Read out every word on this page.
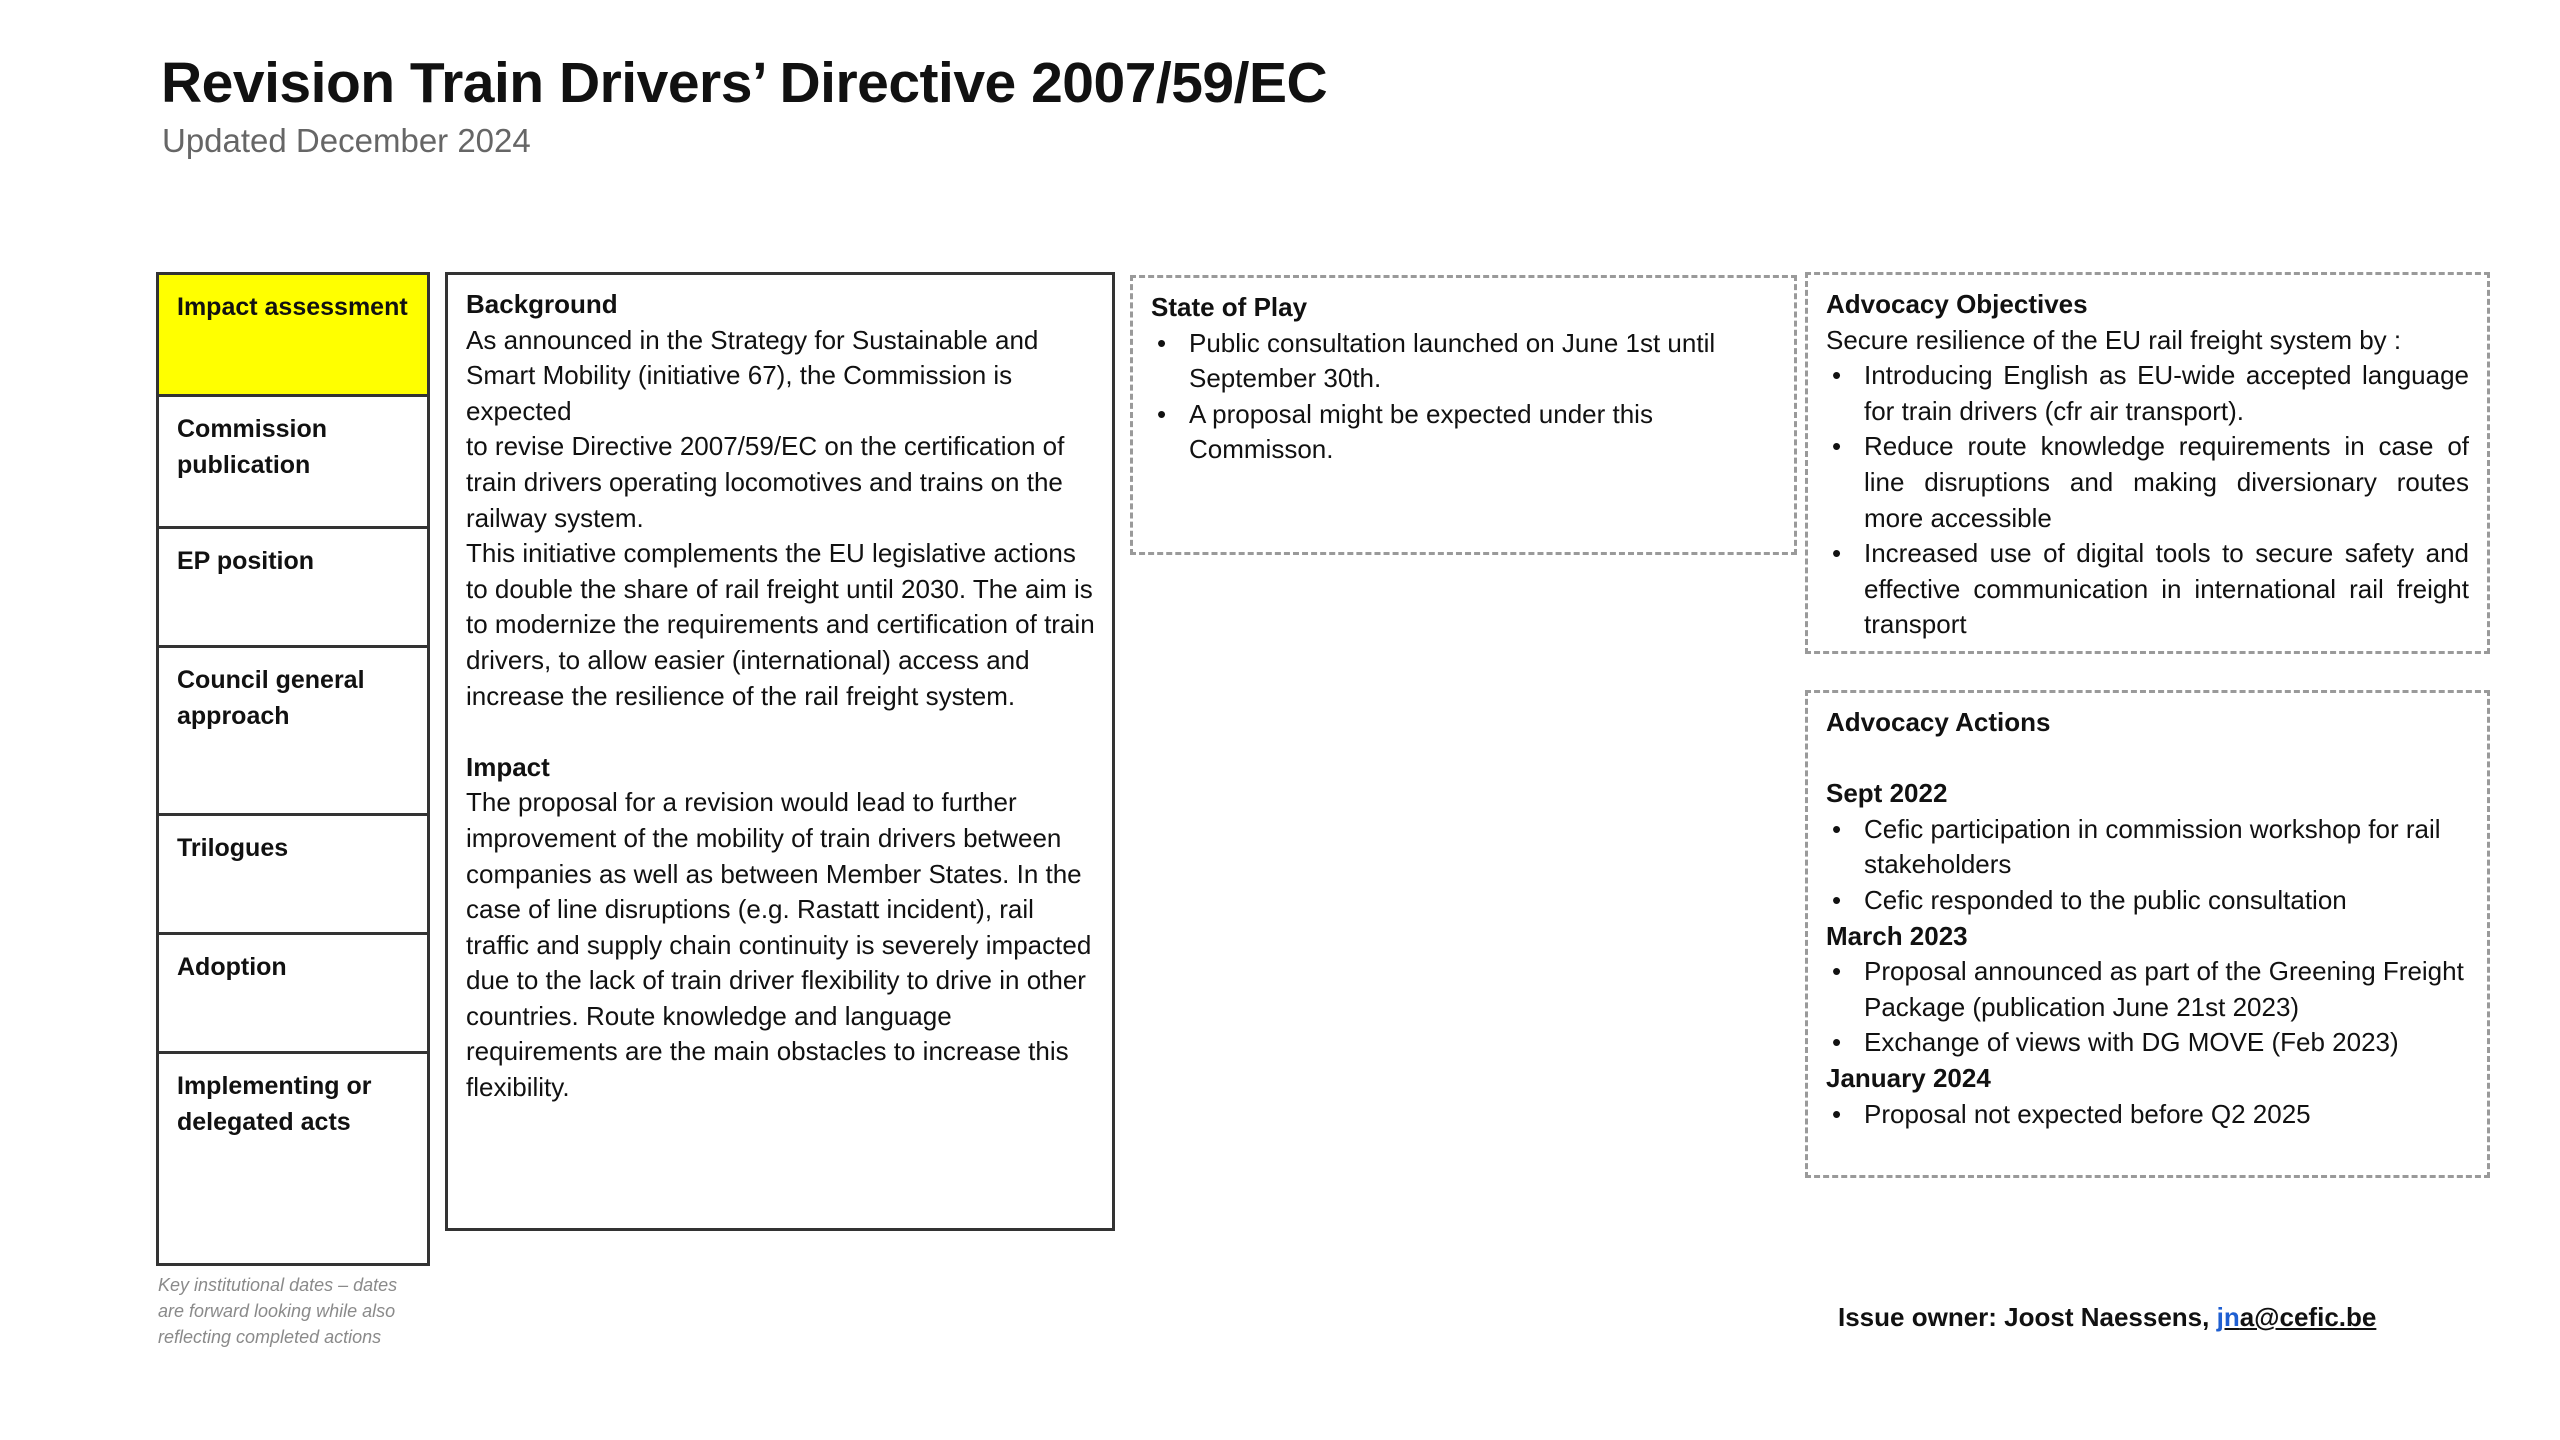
Revision Train Drivers’ Directive 2007/59/EC
Updated December 2024
Impact assessment
Commission publication
EP position
Council general approach
Trilogues
Adoption
Implementing or delegated acts
Key institutional dates – dates are forward looking while also reflecting completed actions

Background

As announced in the Strategy for Sustainable and Smart Mobility (initiative 67), the Commission is expected

to revise Directive 2007/59/EC on the certification of train drivers operating locomotives and trains on the

railway system.

This initiative complements the EU legislative actions to double the share of rail freight until 2030. The aim is to modernize the requirements and certification of train drivers, to allow easier (international) access and increase the resilience of the rail freight system.

Impact

The proposal for a revision would lead to further improvement of the mobility of train drivers between companies as well as between Member States. In the case of line disruptions (e.g. Rastatt incident), rail traffic and supply chain continuity is severely impacted due to the lack of train driver flexibility to drive in other countries. Route knowledge and language requirements are the main obstacles to increase this flexibility.

State of Play

• Public consultation launched on June 1st until September 30th.
• A proposal might be expected under this Commisson.

Advocacy Objectives

Secure resilience of the EU rail freight system by :

• Introducing English as EU-wide accepted language for train drivers (cfr air transport).
• Reduce route knowledge requirements in case of line disruptions and making diversionary routes more accessible
• Increased use of digital tools to secure safety and effective communication in international rail freight transport

Advocacy Actions

Sept 2022

• Cefic participation in commission workshop for rail stakeholders
• Cefic responded to the public consultation

March 2023

• Proposal announced as part of the Greening Freight Package (publication June 21st 2023)
• Exchange of views with DG MOVE (Feb 2023)

January 2024

• Proposal not expected before Q2 2025
Issue owner: Joost Naessens, jna@cefic.be
